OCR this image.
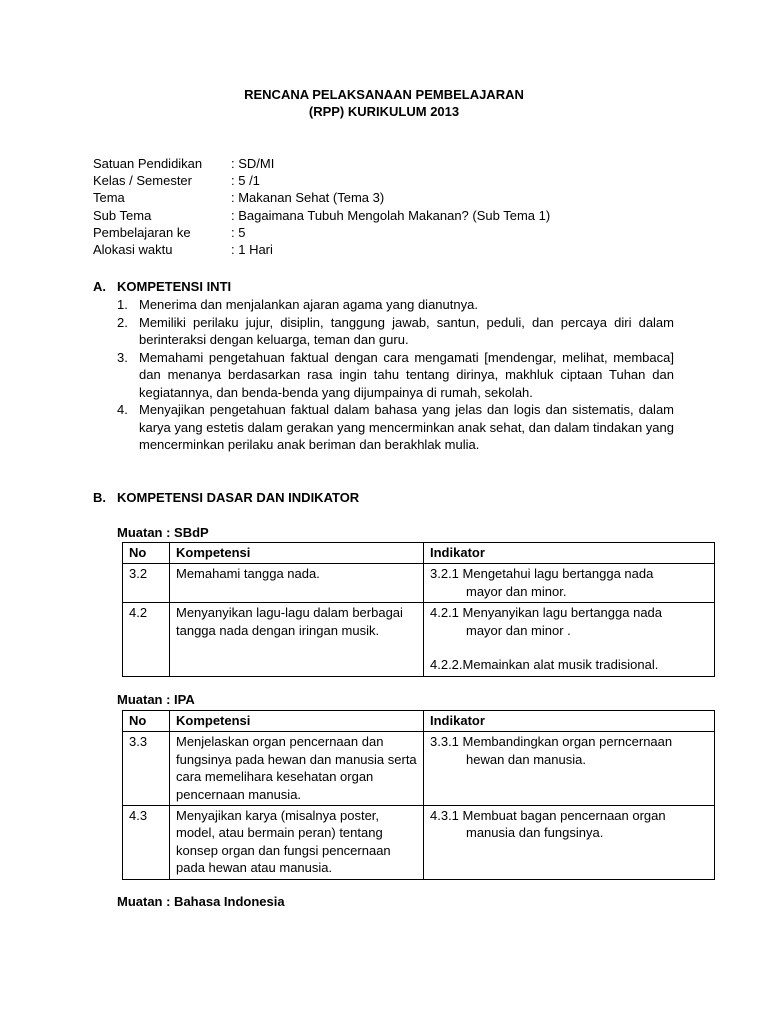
RENCANA PELAKSANAAN PEMBELAJARAN

(RPP) KURIKULUM 2013
Satuan Pendidikan	: SD/MI
Kelas / Semester	: 5 /1
Tema	: Makanan Sehat (Tema 3)
Sub Tema	: Bagaimana Tubuh Mengolah Makanan? (Sub Tema 1)
Pembelajaran ke	: 5
Alokasi waktu	: 1 Hari
A. KOMPETENSI INTI
1. Menerima dan menjalankan ajaran agama yang dianutnya.
2. Memiliki perilaku jujur, disiplin, tanggung jawab, santun, peduli, dan percaya diri dalam berinteraksi dengan keluarga, teman dan guru.
3. Memahami pengetahuan faktual dengan cara mengamati [mendengar, melihat, membaca] dan menanya berdasarkan rasa ingin tahu tentang dirinya, makhluk ciptaan Tuhan dan kegiatannya, dan benda-benda yang dijumpainya di rumah, sekolah.
4. Menyajikan pengetahuan faktual dalam bahasa yang jelas dan logis dan sistematis, dalam karya yang estetis dalam gerakan yang mencerminkan anak sehat, dan dalam tindakan yang mencerminkan perilaku anak beriman dan berakhlak mulia.
B. KOMPETENSI DASAR DAN INDIKATOR
Muatan : SBdP
No	Kompetensi	Indikator
3.2	Memahami tangga nada.	3.2.1 Mengetahui lagu bertangga nada
mayor dan minor.

4.2	Menyanyikan lagu-lagu dalam berbagai tangga nada dengan iringan musik.	4.2.1 Menyanyikan lagu bertangga nada
mayor dan minor .
4.2.2.Memainkan alat musik tradisional.
Muatan : IPA
No	Kompetensi	Indikator
3.3	Menjelaskan organ pencernaan dan fungsinya pada hewan dan manusia serta cara memelihara kesehatan organ pencernaan manusia.	3.3.1 Membandingkan organ perncernaan
hewan dan manusia.

4.3	Menyajikan karya (misalnya poster, model, atau bermain peran) tentang konsep organ dan fungsi pencernaan pada hewan atau manusia.	4.3.1 Membuat bagan pencernaan organ
manusia dan fungsinya.
Muatan : Bahasa Indonesia
